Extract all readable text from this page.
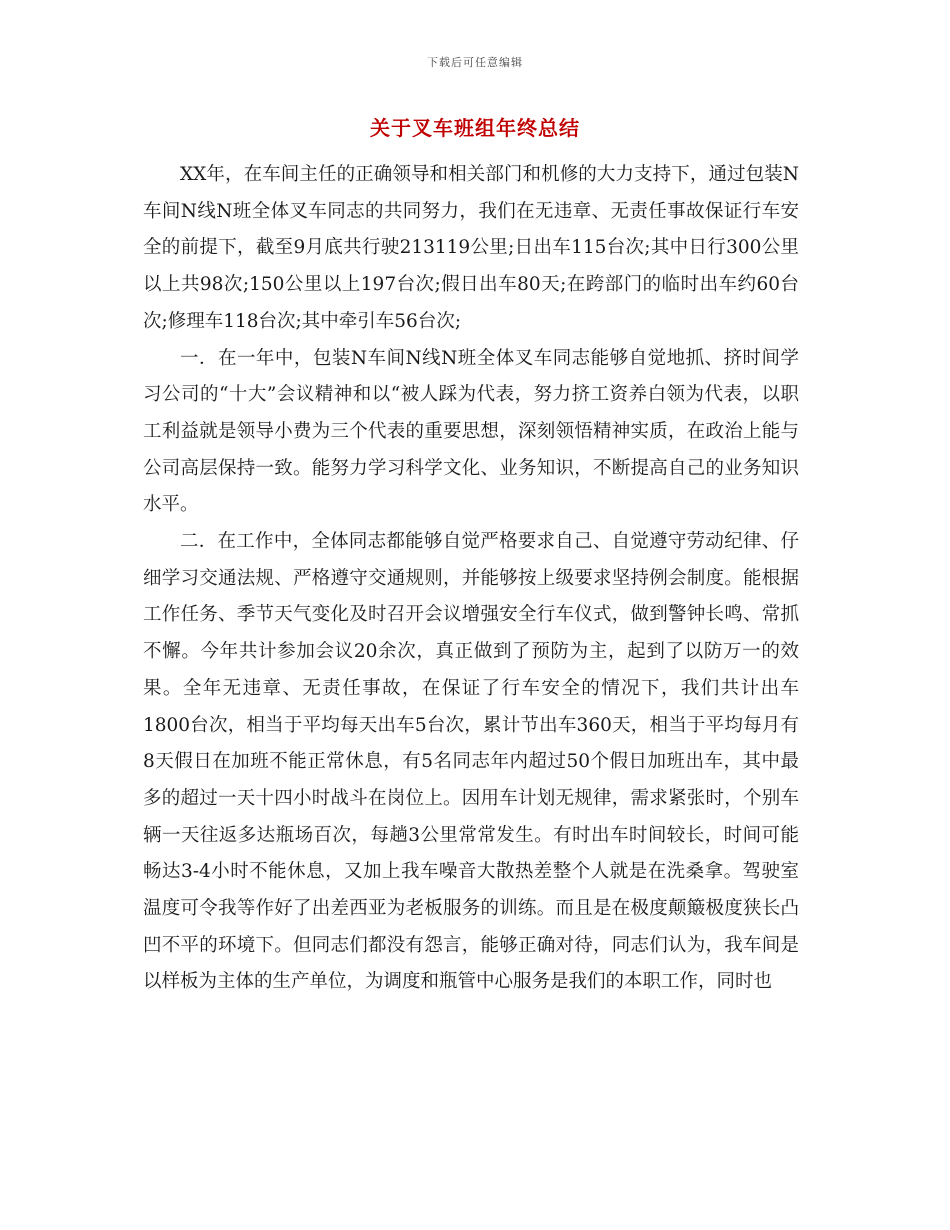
下载后可任意编辑
关于叉车班组年终总结

XX年，在车间主任的正确领导和相关部门和机修的大力支持下，通过包装N车间N线N班全体叉车同志的共同努力，我们在无违章、无责任事故保证行车安全的前提下，截至9月底共行驶213119公里;日出车115台次;其中日行300公里以上共98次;150公里以上197台次;假日出车80天;在跨部门的临时出车约60台次;修理车118台次;其中牵引车56台次;

一．在一年中，包装N车间N线N班全体叉车同志能够自觉地抓、挤时间学习公司的“十大”会议精神和以“被人踩为代表，努力挤工资养白领为代表，以职工利益就是领导小费为三个代表的重要思想，深刻领悟精神实质，在政治上能与公司高层保持一致。能努力学习科学文化、业务知识，不断提高自己的业务知识水平。

二．在工作中，全体同志都能够自觉严格要求自己、自觉遵守劳动纪律、仔细学习交通法规、严格遵守交通规则，并能够按上级要求坚持例会制度。能根据工作任务、季节天气变化及时召开会议增强安全行车仪式，做到警钟长鸣、常抓不懈。今年共计参加会议20余次，真正做到了预防为主，起到了以防万一的效果。全年无违章、无责任事故，在保证了行车安全的情况下，我们共计出车1800台次，相当于平均每天出车5台次，累计节出车360天，相当于平均每月有8天假日在加班不能正常休息，有5名同志年内超过50个假日加班出车，其中最多的超过一天十四小时战斗在岗位上。因用车计划无规律，需求紧张时，个别车辆一天往返多达瓶场百次，每趟3公里常常发生。有时出车时间较长，时间可能畅达3-4小时不能休息，又加上我车噪音大散热差整个人就是在洗桑拿。驾驶室温度可令我等作好了出差西亚为老板服务的训练。而且是在极度颠簸极度狭长凸凹不平的环境下。但同志们都没有怨言，能够正确对待，同志们认为，我车间是以样板为主体的生产单位，为调度和瓶管中心服务是我们的本职工作，同时也
